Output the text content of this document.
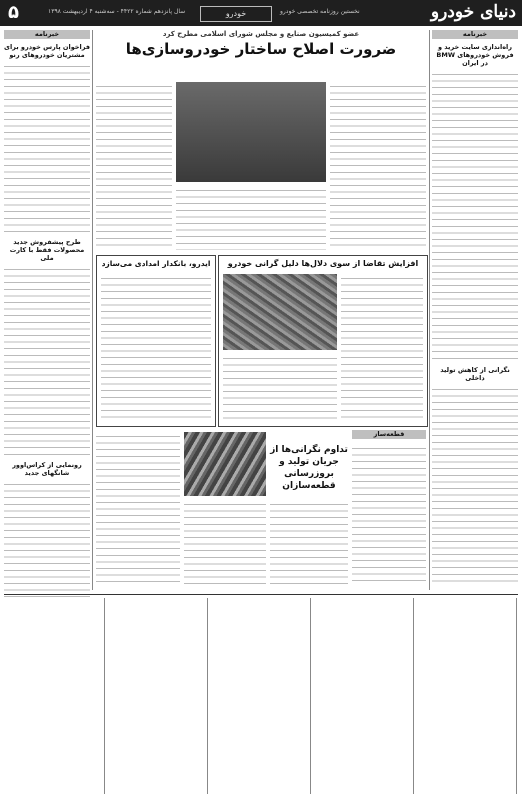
۵	سال پانزدهم شماره ۴۴۲۲ - سه‌شنبه ۴ اردیبهشت ۱۳۹۸	خودرو	نخستین روزنامه تخصصی خودرو	دنیای خودرو
خبرنامه
فراخوان پارس خودرو برای مشتریان خودروهای رنو
طرح پیشفروش جدید محصولات فقط با کارت ملی
رونمایی از کراس‌اوور شانگهای جدید
خبرنامه
راه‌اندازی سایت خرید و فروش خودروهای BMW در ایران
نگرانی از کاهش تولید داخلی
عضو کمیسیون صنایع و مجلس شورای اسلامی مطرح کرد
ضرورت اصلاح ساختار خودروسازی‌ها
افزایش تقاضا از سوی دلال‌ها دلیل گرانی خودرو
ایدرو، بانکدار امدادی می‌سازد
قطعه‌ساز
تداوم نگرانی‌ها از جریان تولید و بروزرسانی قطعه‌سازان
